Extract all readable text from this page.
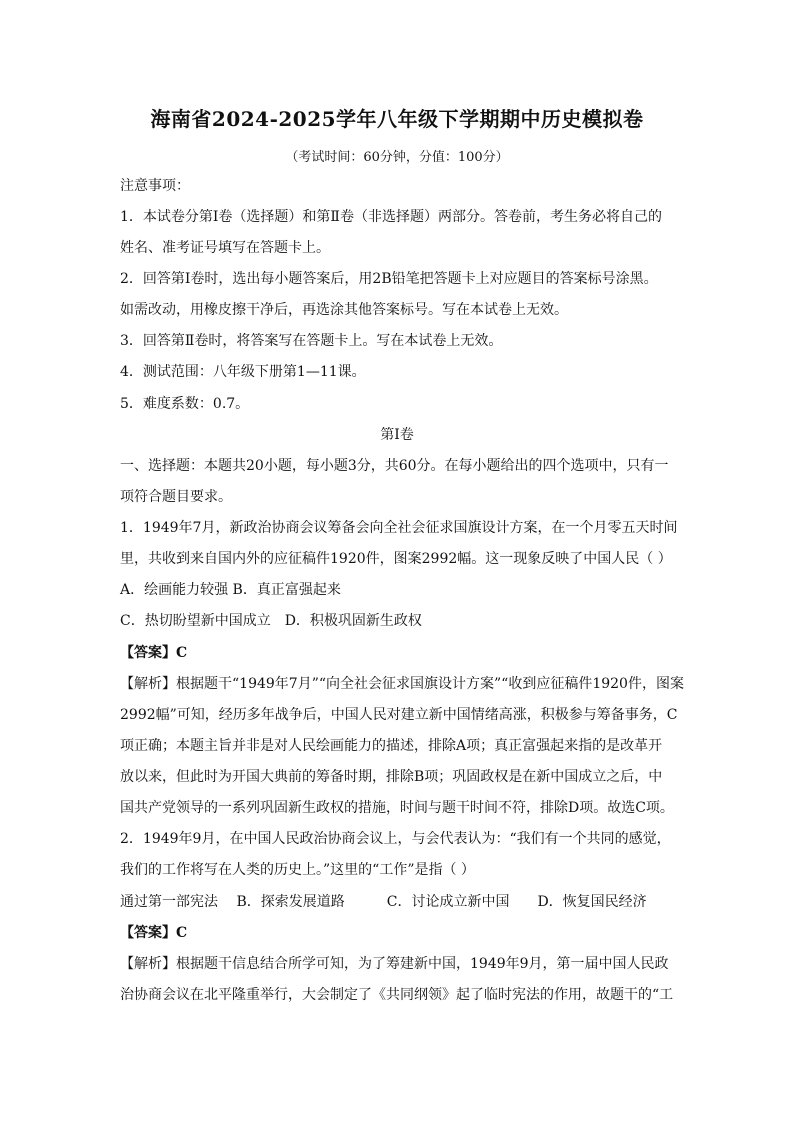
海南省2024-2025学年八年级下学期期中历史模拟卷
（考试时间：60分钟，分值：100分）
注意事项：
1．本试卷分第Ⅰ卷（选择题）和第Ⅱ卷（非选择题）两部分。答卷前，考生务必将自己的
姓名、准考证号填写在答题卡上。
2．回答第Ⅰ卷时，选出每小题答案后，用2B铅笔把答题卡上对应题目的答案标号涂黑。
如需改动，用橡皮擦干净后，再选涂其他答案标号。写在本试卷上无效。
3．回答第Ⅱ卷时，将答案写在答题卡上。写在本试卷上无效。
4．测试范围：八年级下册第1—11课。
5．难度系数：0.7。
第Ⅰ卷
一、选择题：本题共20小题，每小题3分，共60分。在每小题给出的四个选项中，只有一
项符合题目要求。
1．1949年7月，新政治协商会议筹备会向全社会征求国旗设计方案，在一个月零五天时间
里，共收到来自国内外的应征稿件1920件，图案2992幅。这一现象反映了中国人民（ ）
A．绘画能力较强 B．真正富强起来
C．热切盼望新中国成立　D．积极巩固新生政权
【答案】C
【解析】根据题干“1949年7月”“向全社会征求国旗设计方案”“收到应征稿件1920件，图案
2992幅”可知，经历多年战争后，中国人民对建立新中国情绪高涨，积极参与筹备事务，C
项正确；本题主旨并非是对人民绘画能力的描述，排除A项；真正富强起来指的是改革开
放以来，但此时为开国大典前的筹备时期，排除B项；巩固政权是在新中国成立之后，中
国共产党领导的一系列巩固新生政权的措施，时间与题干时间不符，排除D项。故选C项。
2．1949年9月，在中国人民政治协商会议上，与会代表认为：“我们有一个共同的感觉，
我们的工作将写在人类的历史上。”这里的“工作”是指（ ）
通过第一部宪法　 B．探索发展道路　　　C．讨论成立新中国　　D．恢复国民经济
【答案】C
【解析】根据题干信息结合所学可知，为了筹建新中国，1949年9月，第一届中国人民政
治协商会议在北平隆重举行，大会制定了《共同纲领》起了临时宪法的作用，故题干的“工
